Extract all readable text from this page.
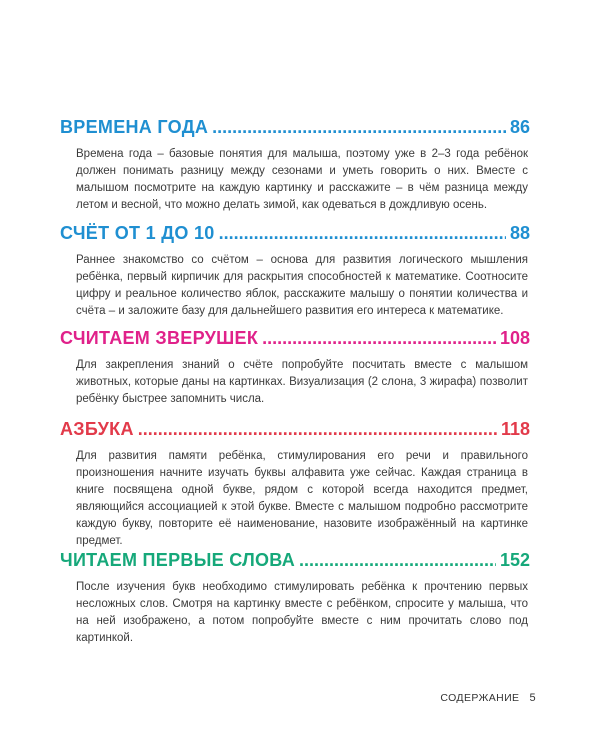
ВРЕМЕНА ГОДА .....	86

Времена года – базовые понятия для малыша, поэтому уже в 2–3 года ребёнок должен понимать разницу между сезонами и уметь говорить о них. Вместе с малышом посмотрите на каждую картинку и расскажите – в чём разница между летом и весной, что можно делать зимой, как одеваться в дождливую осень.

СЧЁТ ОТ 1 ДО 10 .....	88

Раннее знакомство со счётом – основа для развития логического мышления ребёнка, первый кирпичик для раскрытия способностей к математике. Соотносите цифру и реальное количество яблок, расскажите малышу о понятии количества и счёта – и заложите базу для дальнейшего развития его интереса к математике.

СЧИТАЕМ ЗВЕРУШЕК .....	108

Для закрепления знаний о счёте попробуйте посчитать вместе с малышом животных, которые даны на картинках. Визуализация (2 слона, 3 жирафа) позволит ребёнку быстрее запомнить числа.

АЗБУКА .....	118

Для развития памяти ребёнка, стимулирования его речи и правильного произношения начните изучать буквы алфавита уже сейчас. Каждая страница в книге посвящена одной букве, рядом с которой всегда находится предмет, являющийся ассоциацией к этой букве. Вместе с малышом подробно рассмотрите каждую букву, повторите её наименование, назовите изображённый на картинке предмет.

ЧИТАЕМ ПЕРВЫЕ СЛОВА .....	152

После изучения букв необходимо стимулировать ребёнка к прочтению первых несложных слов. Смотря на картинку вместе с ребёнком, спросите у малыша, что на ней изображено, а потом попробуйте вместе с ним прочитать слово под картинкой.

СОДЕРЖАНИЕ 5
